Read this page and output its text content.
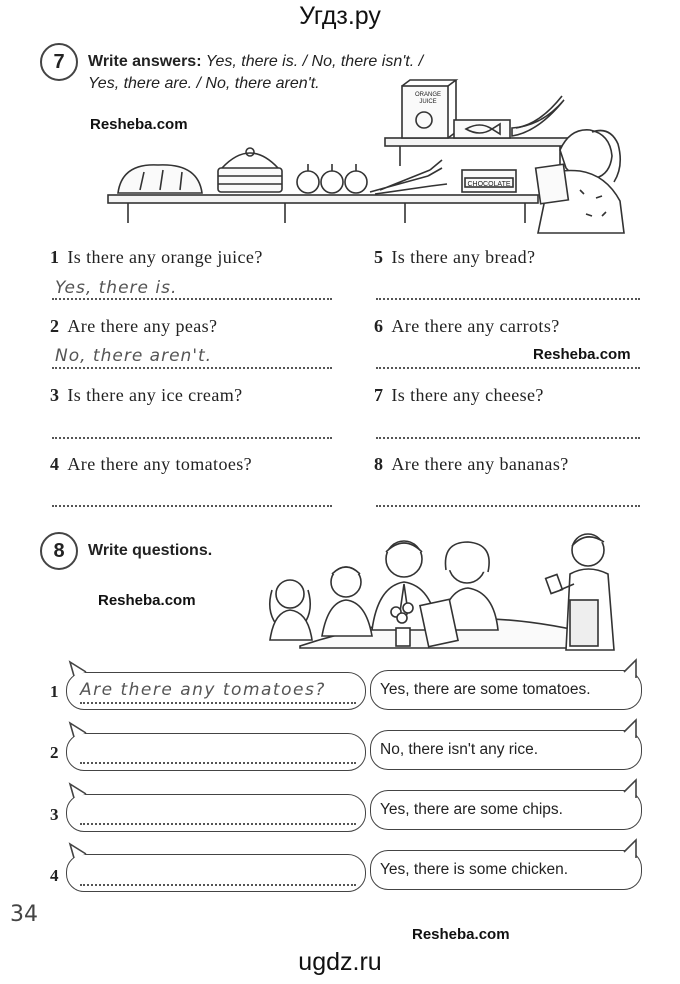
Угдз.ру
7	Write answers: Yes, there is. / No, there isn't. /
Yes, there are. / No, there aren't.
Resheba.com
ORANGE JUICE
CHOCOLATE
1 Is there any orange juice?
Yes, there is.
2 Are there any peas?
No, there aren't.
3 Is there any ice cream?
4 Are there any tomatoes?
5 Is there any bread?
6 Are there any carrots?
Resheba.com
7 Is there any cheese?
8 Are there any bananas?
8	Write questions.
Resheba.com
1 Are there any tomatoes?	Yes, there are some tomatoes.
2	No, there isn't any rice.
3	Yes, there are some chips.
4	Yes, there is some chicken.
34
Resheba.com
ugdz.ru
